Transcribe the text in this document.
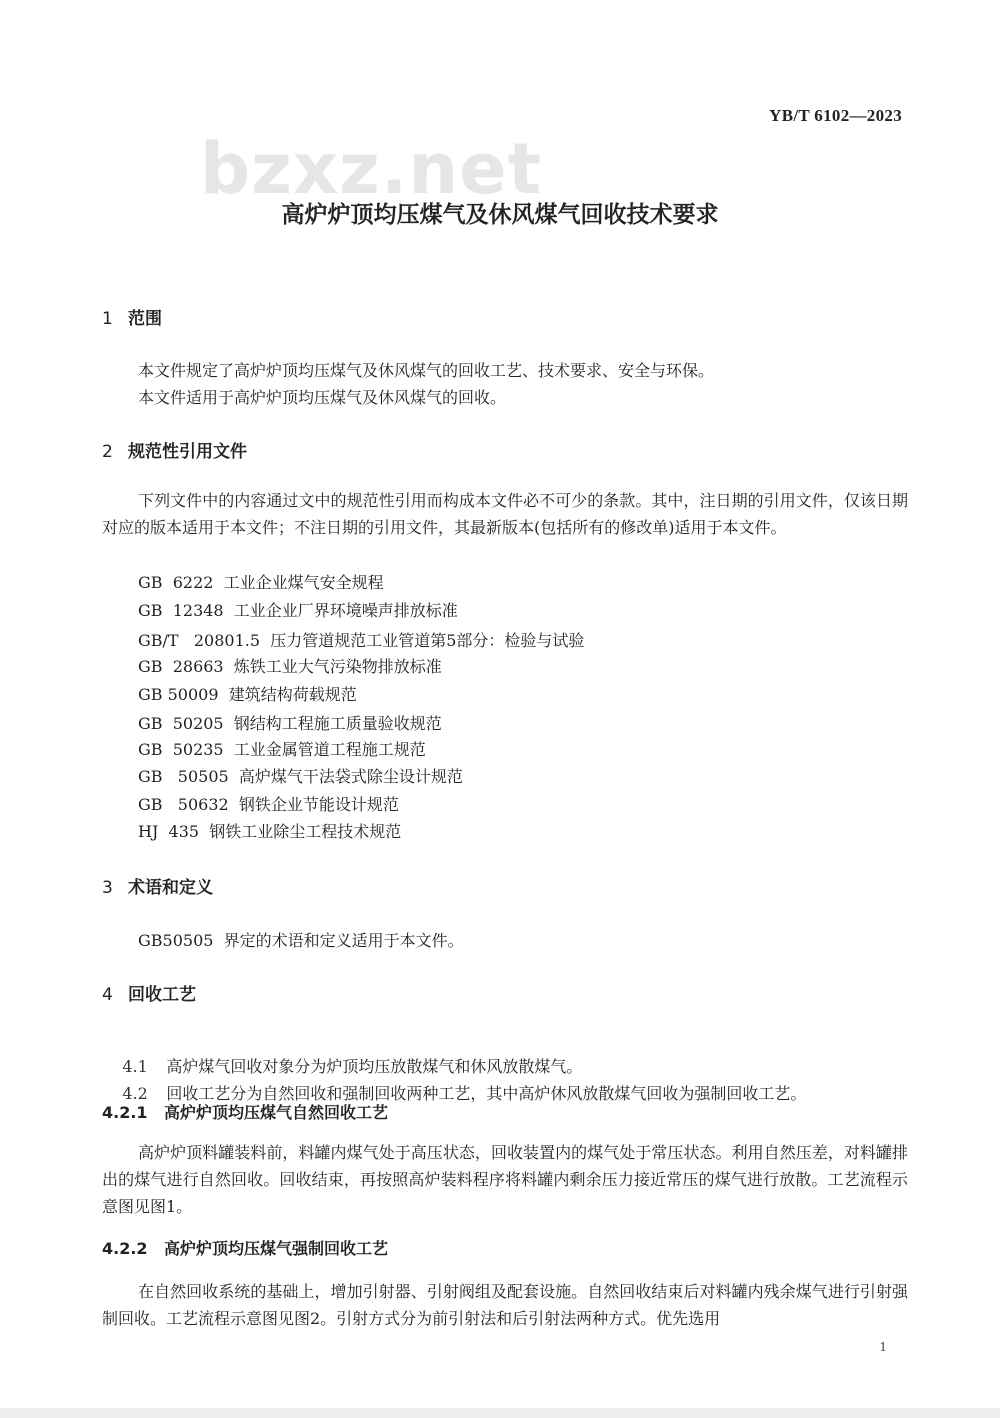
YB/T 6102—2023
bzxz.net
高炉炉顶均压煤气及休风煤气回收技术要求
1 范围
本文件规定了高炉炉顶均压煤气及休风煤气的回收工艺、技术要求、安全与环保。
本文件适用于高炉炉顶均压煤气及休风煤气的回收。
2 规范性引用文件
下列文件中的内容通过文中的规范性引用而构成本文件必不可少的条款。其中，注日期的引用文件，仅该日期对应的版本适用于本文件；不注日期的引用文件，其最新版本(包括所有的修改单)适用于本文件。
GB  6222  工业企业煤气安全规程
GB  12348  工业企业厂界环境噪声排放标准
GB/T   20801.5  压力管道规范工业管道第5部分：检验与试验
GB  28663  炼铁工业大气污染物排放标准
GB 50009  建筑结构荷载规范
GB  50205  钢结构工程施工质量验收规范
GB  50235  工业金属管道工程施工规范
GB   50505  高炉煤气干法袋式除尘设计规范
GB   50632  钢铁企业节能设计规范
HJ  435  钢铁工业除尘工程技术规范
3 术语和定义
GB50505  界定的术语和定义适用于本文件。
4 回收工艺

4.1 高炉煤气回收对象分为炉顶均压放散煤气和休风放散煤气。

4.2 回收工艺分为自然回收和强制回收两种工艺，其中高炉休风放散煤气回收为强制回收工艺。

4.2.1 高炉炉顶均压煤气自然回收工艺
高炉炉顶料罐装料前，料罐内煤气处于高压状态，回收装置内的煤气处于常压状态。利用自然压差，对料罐排出的煤气进行自然回收。回收结束，再按照高炉装料程序将料罐内剩余压力接近常压的煤气进行放散。工艺流程示意图见图1。
4.2.2 高炉炉顶均压煤气强制回收工艺
在自然回收系统的基础上，增加引射器、引射阀组及配套设施。自然回收结束后对料罐内残余煤气进行引射强制回收。工艺流程示意图见图2。引射方式分为前引射法和后引射法两种方式。优先选用
1
